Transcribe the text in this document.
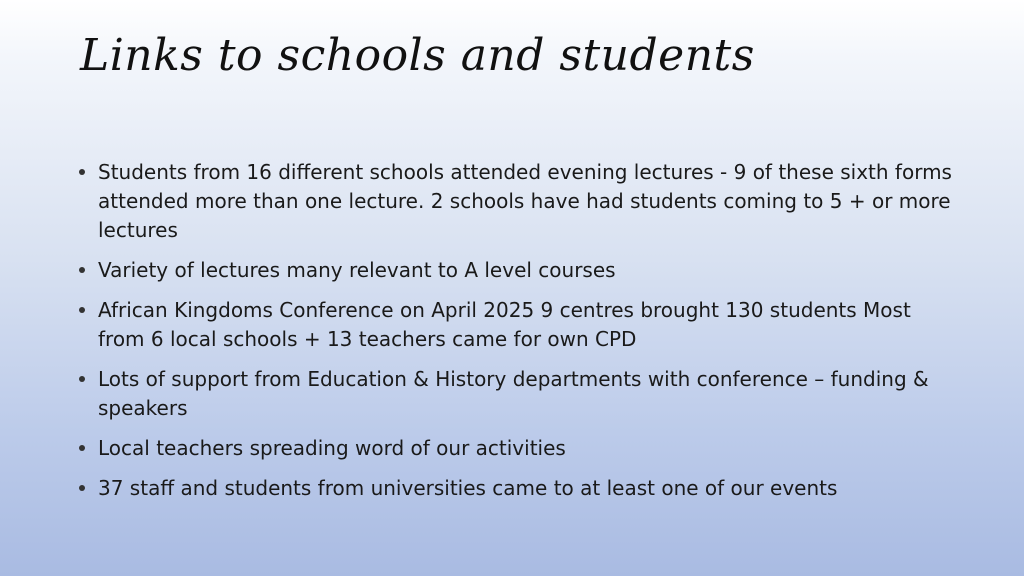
Links to schools and students
Students from 16 different schools attended evening lectures - 9 of these sixth forms attended more than one lecture. 2 schools have had students coming to 5 + or more lectures
Variety of lectures many relevant to A level courses
African Kingdoms Conference on April 2025 9 centres brought 130 students Most from 6 local schools + 13 teachers came for own CPD
Lots of support from Education & History departments with conference – funding & speakers
Local teachers spreading word of our activities
37 staff and students from universities came to at least one of our events
